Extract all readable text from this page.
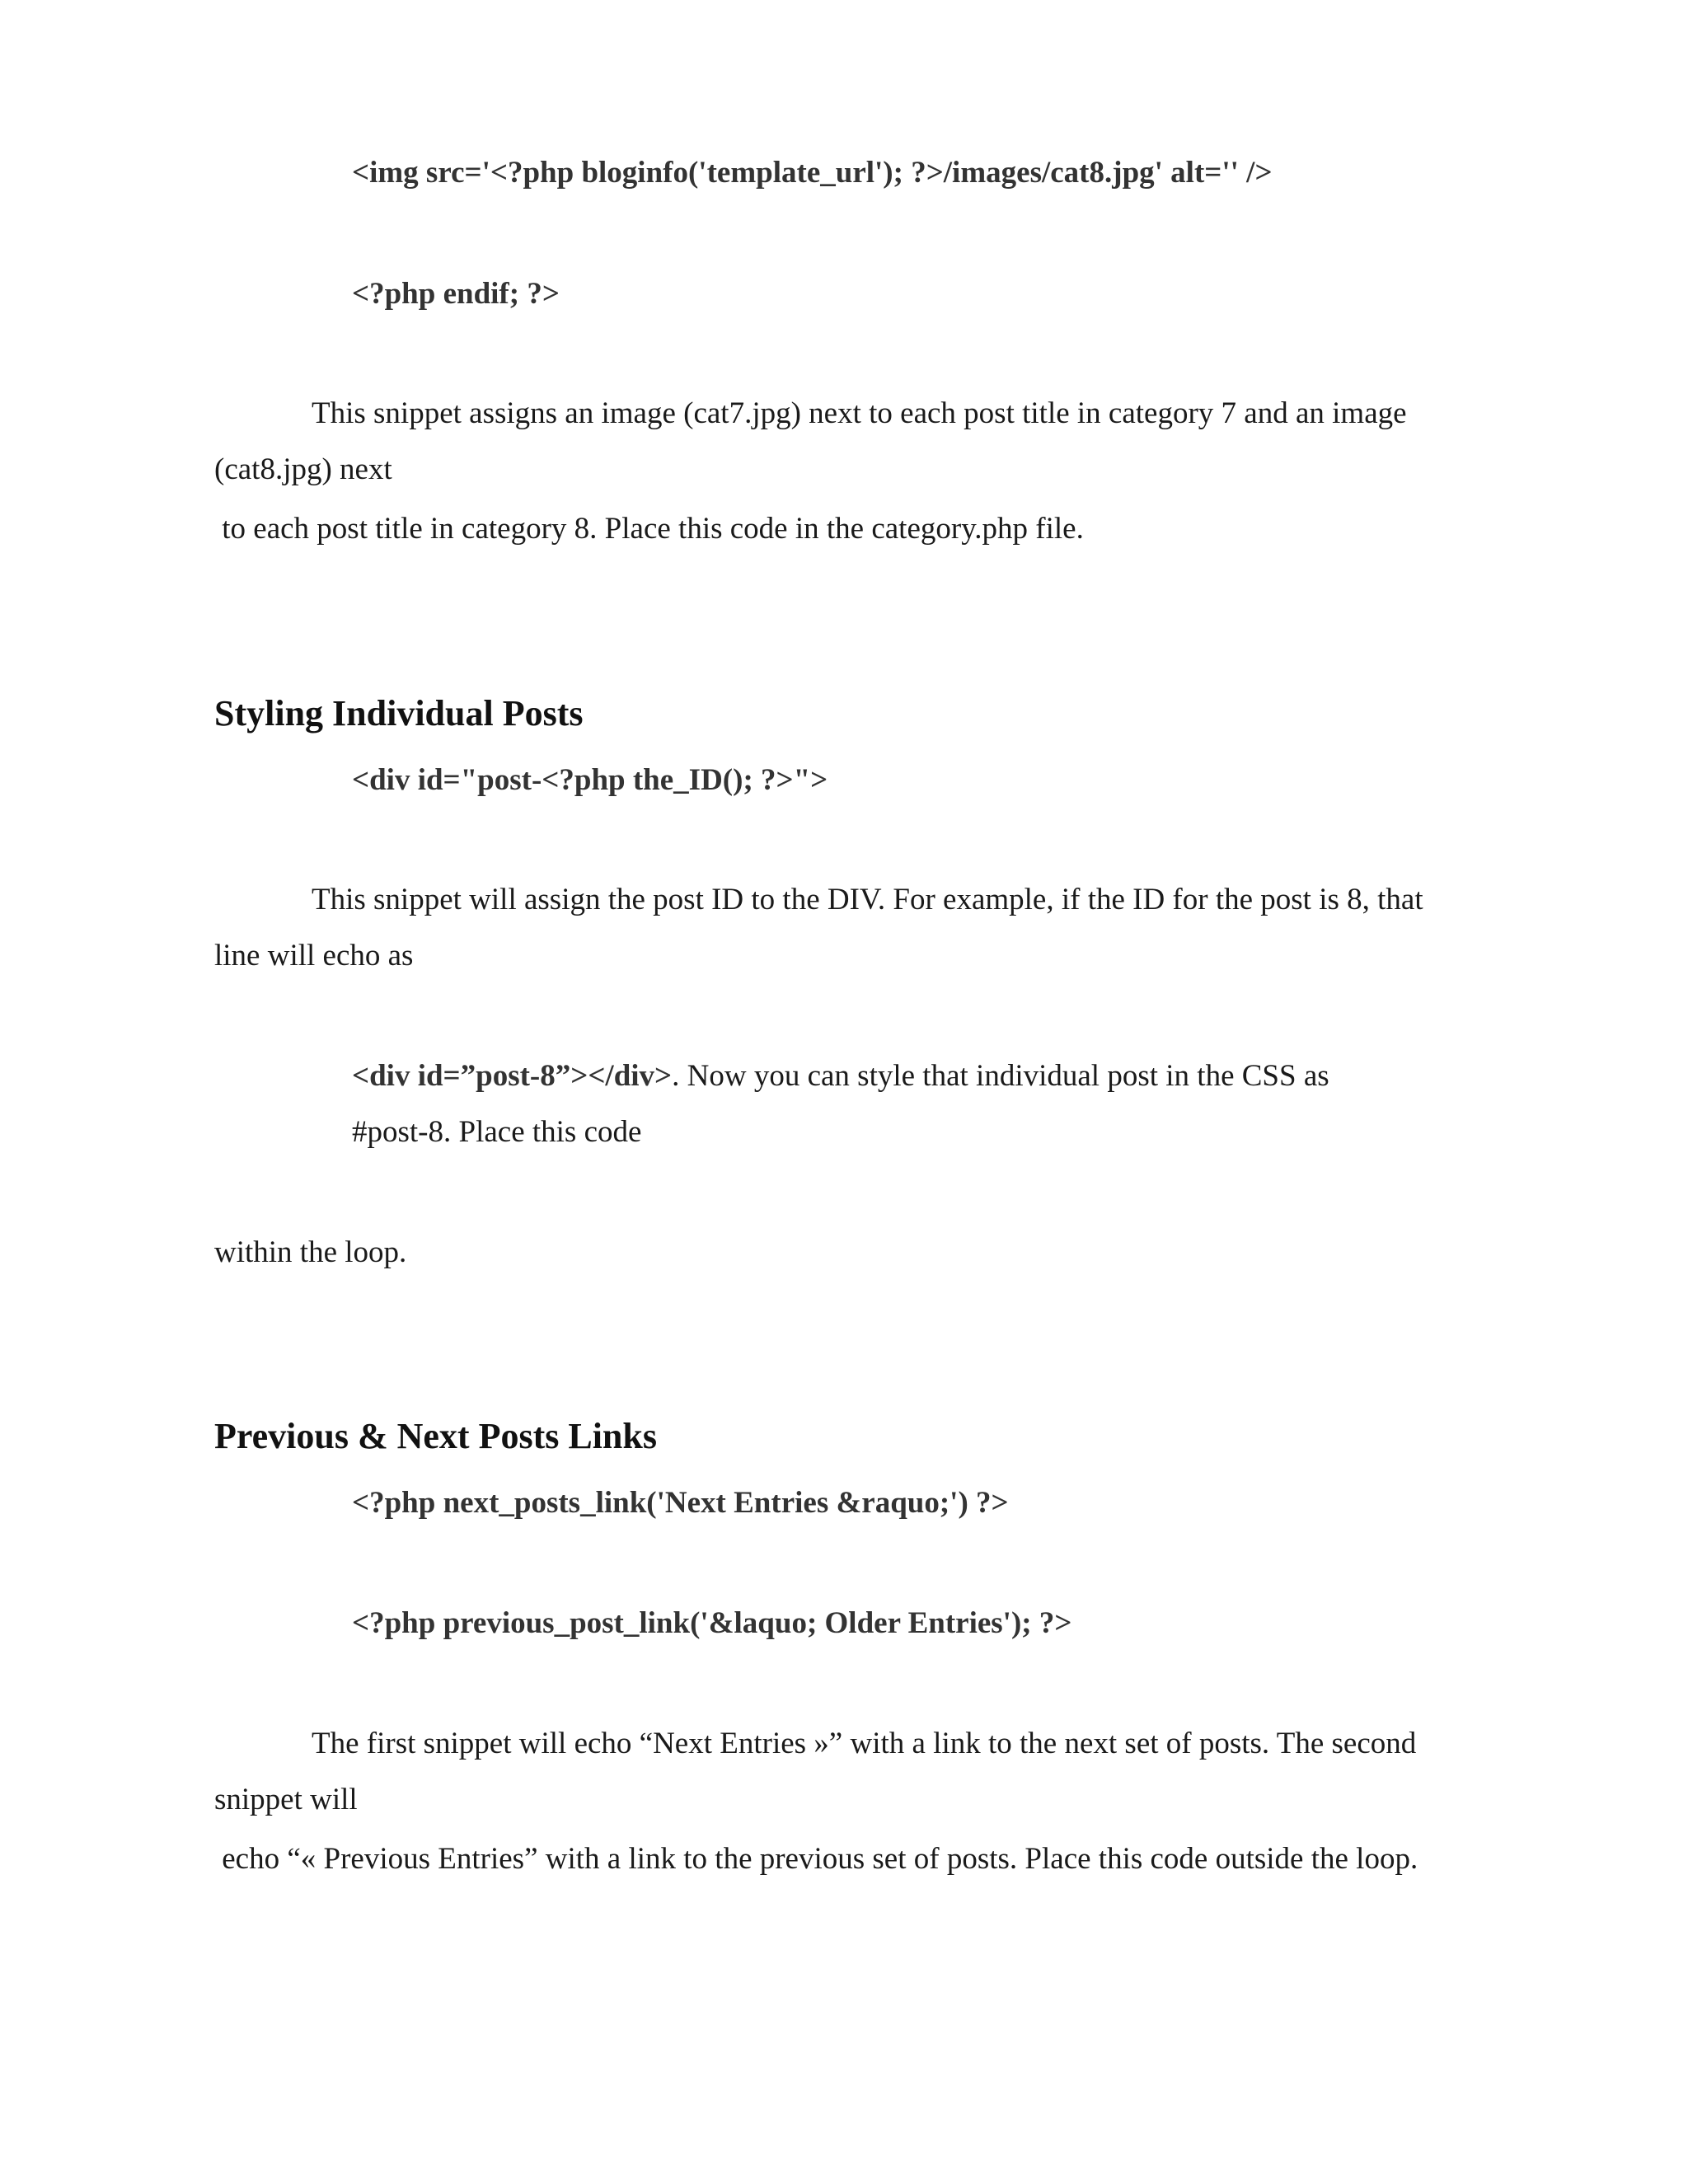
<img src='<?php bloginfo('template_url'); ?>/images/cat8.jpg' alt='' />

<?php endif; ?>

This snippet assigns an image (cat7.jpg) next to each post title in category 7 and an image

(cat8.jpg) next

to each post title in category 8. Place this code in the category.php file.

Styling Individual Posts

<div id="post-<?php the_ID(); ?>">

This snippet will assign the post ID to the DIV. For example, if the ID for the post is 8, that

line will echo as

<div id=”post-8”></div>. Now you can style that individual post in the CSS as

#post-8. Place this code

within the loop.

Previous & Next Posts Links

<?php next_posts_link('Next Entries &raquo;') ?>

<?php previous_post_link('&laquo; Older Entries'); ?>

The first snippet will echo “Next Entries »” with a link to the next set of posts. The second

snippet will

echo “« Previous Entries” with a link to the previous set of posts. Place this code outside the loop.
